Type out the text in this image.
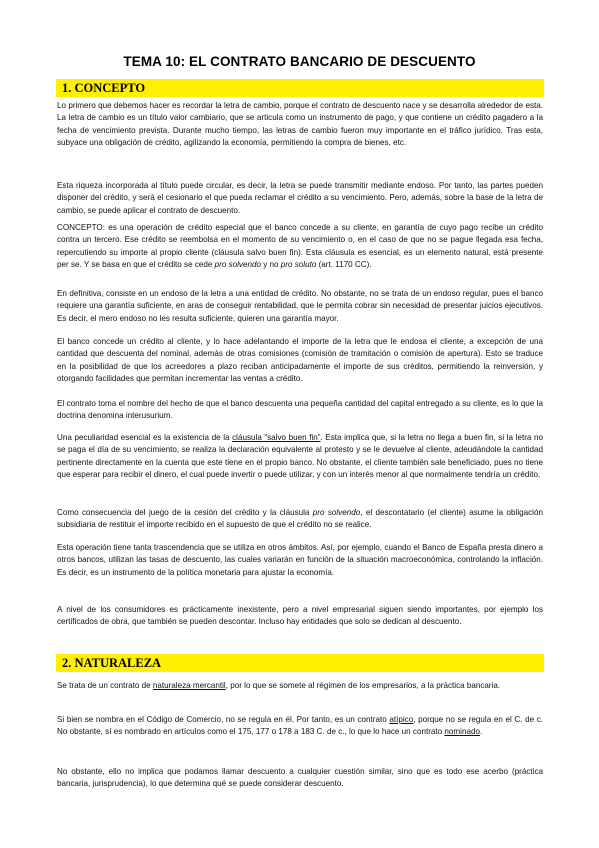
TEMA 10: EL CONTRATO BANCARIO DE DESCUENTO
1. CONCEPTO

Lo primero que debemos hacer es recordar la letra de cambio, porque el contrato de descuento nace y se desarrolla alrededor de esta. La letra de cambio es un título valor cambiario, que se articula como un instrumento de pago, y que contiene un crédito pagadero a la fecha de vencimiento prevista. Durante mucho tiempo, las letras de cambio fueron muy importante en el tráfico jurídico. Tras esta, subyace una obligación de crédito, agilizando la economía, permitiendo la compra de bienes, etc.

Esta riqueza incorporada al título puede circular, es decir, la letra se puede transmitir mediante endoso. Por tanto, las partes pueden disponer del crédito, y será el cesionario el que pueda reclamar el crédito a su vencimiento. Pero, además, sobre la base de la letra de cambio, se puede aplicar el contrato de descuento.

CONCEPTO: es una operación de crédito especial que el banco concede a su cliente, en garantía de cuyo pago recibe un crédito contra un tercero. Ese crédito se reembolsa en el momento de su vencimiento o, en el caso de que no se pague llegada esa fecha, repercutiendo su importe al propio cliente (cláusula salvo buen fin). Esta cláusula es esencial, es un elemento natural, está presente per se. Y se basa en que el crédito se cede pro solvendo y no pro soluto (art. 1170 CC).

En definitiva, consiste en un endoso de la letra a una entidad de crédito. No obstante, no se trata de un endoso regular, pues el banco requiere una garantía suficiente, en aras de conseguir rentabilidad, que le permita cobrar sin necesidad de presentar juicios ejecutivos. Es decir, el mero endoso no les resulta suficiente, quieren una garantía mayor.

El banco concede un crédito al cliente, y lo hace adelantando el importe de la letra que le endosa el cliente, a excepción de una cantidad que descuenta del nominal, además de otras comisiones (comisión de tramitación o comisión de apertura). Esto se traduce en la posibilidad de que los acreedores a plazo reciban anticipadamente el importe de sus créditos, permitiendo la reinversión, y otorgando facilidades que permitan incrementar las ventas a crédito.

El contrato toma el nombre del hecho de que el banco descuenta una pequeña cantidad del capital entregado a su cliente, es lo que la doctrina denomina interusurium.

Una peculiaridad esencial es la existencia de la cláusula “salvo buen fin”. Esta implica que, si la letra no llega a buen fin, si la letra no se paga el día de su vencimiento, se realiza la declaración equivalente al protesto y se le devuelve al cliente, adeudándole la cantidad pertinente directamente en la cuenta que este tiene en el propio banco. No obstante, el cliente también sale beneficiado, pues no tiene que esperar para recibir el dinero, el cual puede invertir o puede utilizar, y con un interés menor al que normalmente tendría un crédito.

Como consecuencia del juego de la cesión del crédito y la cláusula pro solvendo, el descontatario (el cliente) asume la obligación subsidiaria de restituir el importe recibido en el supuesto de que el crédito no se realice.

Esta operación tiene tanta trascendencia que se utiliza en otros ámbitos. Así, por ejemplo, cuando el Banco de España presta dinero a otros bancos, utilizan las tasas de descuento, las cuales variarán en función de la situación macroeconómica, controlando la inflación. Es decir, es un instrumento de la política monetaria para ajustar la economía.

A nivel de los consumidores es prácticamente inexistente, pero a nivel empresarial siguen siendo importantes, por ejemplo los certificados de obra, que también se pueden descontar. Incluso hay entidades que solo se dedican al descuento.

2. NATURALEZA

Se trata de un contrato de naturaleza mercantil, por lo que se somete al régimen de los empresarios, a la práctica bancaria.

Si bien se nombra en el Código de Comercio, no se regula en él. Por tanto, es un contrato atípico, porque no se regula en el C. de c. No obstante, sí es nombrado en artículos como el 175, 177 o 178 a 183 C. de c., lo que lo hace un contrato nominado.

No obstante, ello no implica que podamos llamar descuento a cualquier cuestión similar, sino que es todo ese acerbo (práctica bancaria, jurisprudencia), lo que determina qué se puede considerar descuento.
